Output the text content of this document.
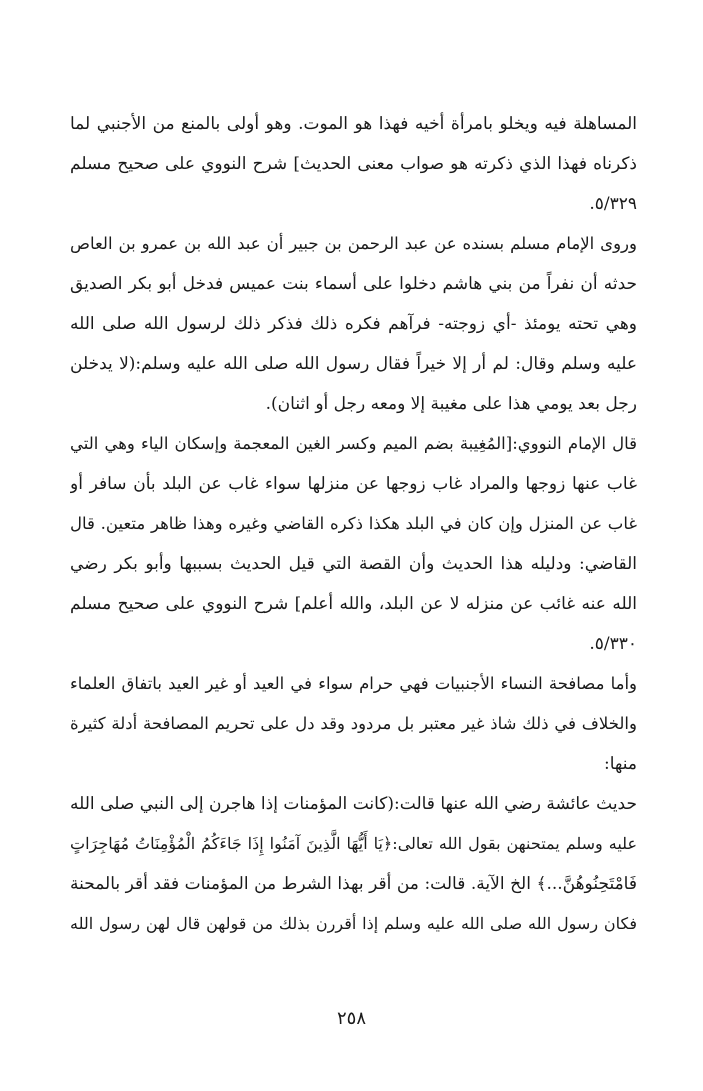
المساهلة فيه ويخلو بامرأة أخيه فهذا هو الموت. وهو أولى بالمنع من الأجنبي لما
ذكرناه فهذا الذي ذكرته هو صواب معنى الحديث] شرح النووي على صحيح مسلم
٥/٣٢٩.
وروى الإمام مسلم بسنده عن عبد الرحمن بن جبير أن عبد الله بن عمرو بن العاص
حدثه أن نفراً من بني هاشم دخلوا على أسماء بنت عميس فدخل أبو بكر الصديق
وهي تحته يومئذ -أي زوجته- فرآهم فكره ذلك فذكر ذلك لرسول الله صلى الله
عليه وسلم وقال: لم أر إلا خيراً فقال رسول الله صلى الله عليه وسلم:(لا يدخلن
رجل بعد يومي هذا على مغيبة إلا ومعه رجل أو اثنان).
قال الإمام النووي:[المُغِيبة بضم الميم وكسر الغين المعجمة وإسكان الياء وهي التي
غاب عنها زوجها والمراد غاب زوجها عن منزلها سواء غاب عن البلد بأن سافر أو
غاب عن المنزل وإن كان في البلد هكذا ذكره القاضي وغيره وهذا ظاهر متعين. قال
القاضي: ودليله هذا الحديث وأن القصة التي قيل الحديث بسببها وأبو بكر رضي
الله عنه غائب عن منزله لا عن البلد، والله أعلم] شرح النووي على صحيح مسلم
٥/٣٣٠.
وأما مصافحة النساء الأجنبيات فهي حرام سواء في العيد أو غير العيد باتفاق العلماء
والخلاف في ذلك شاذ غير معتبر بل مردود وقد دل على تحريم المصافحة أدلة كثيرة
منها:
حديث عائشة رضي الله عنها قالت:(كانت المؤمنات إذا هاجرن إلى النبي صلى الله
عليه وسلم يمتحنهن بقول الله تعالى:﴿يَا أَيُّهَا الَّذِينَ آمَنُوا إِذَا جَاءَكُمُ الْمُؤْمِنَاتُ مُهَاجِرَاتٍ
فَامْتَحِنُوهُنَّ...﴾ الخ الآية. قالت: من أقر بهذا الشرط من المؤمنات فقد أقر بالمحنة
فكان رسول الله صلى الله عليه وسلم إذا أقررن بذلك من قولهن قال لهن رسول الله
٢٥٨
